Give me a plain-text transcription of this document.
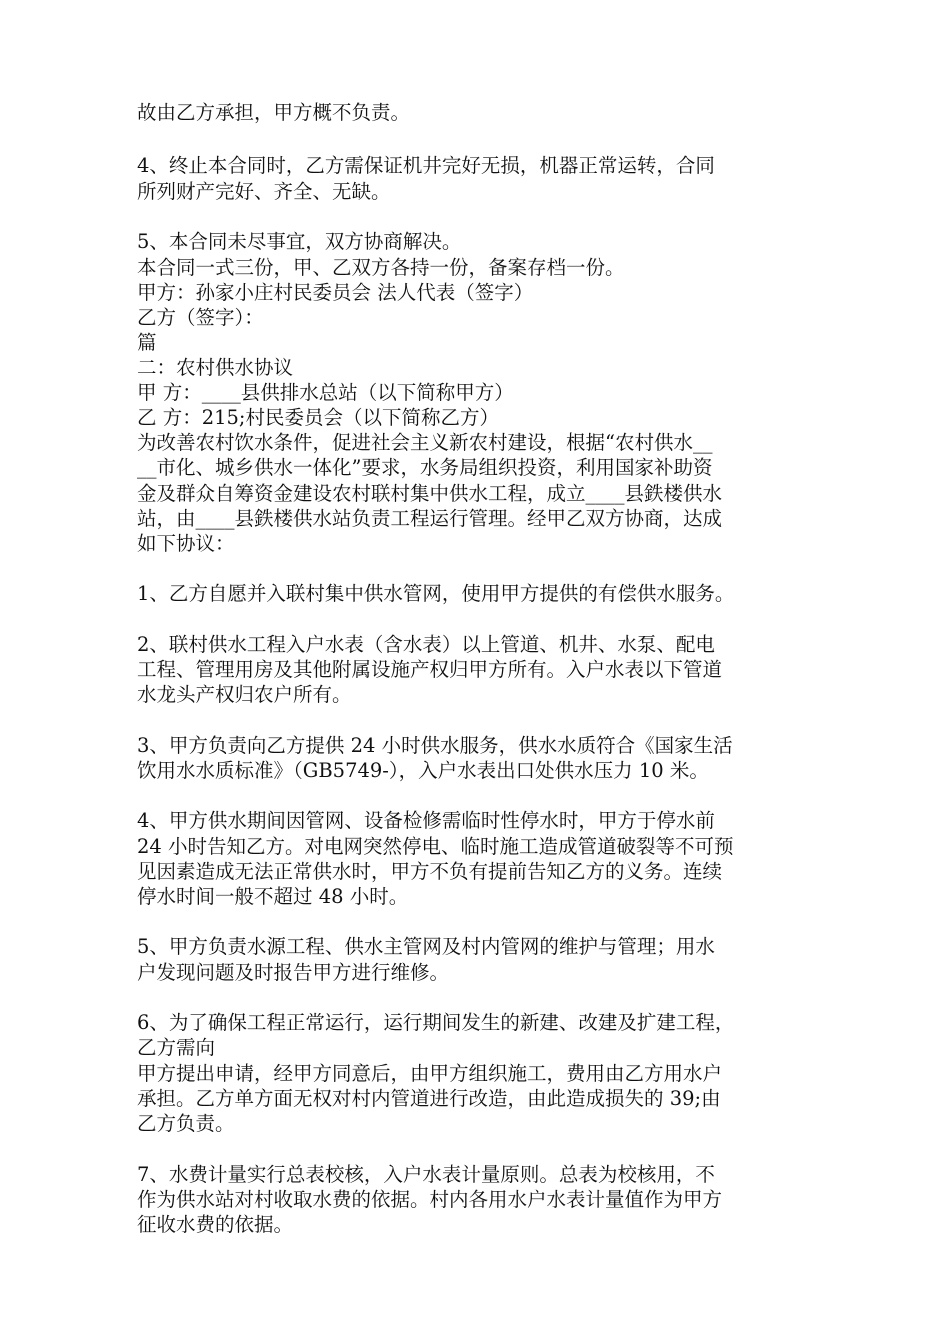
故由乙方承担，甲方概不负责。
4、终止本合同时，乙方需保证机井完好无损，机器正常运转，合同
所列财产完好、齐全、无缺。
5、本合同未尽事宜，双方协商解决。
本合同一式三份，甲、乙双方各持一份，备案存档一份。
甲方：孙家小庄村民委员会 法人代表（签字）
乙方（签字）：
篇
二：农村供水协议
甲 方：____县供排水总站（以下简称甲方）
乙 方：215;村民委员会（以下简称乙方）
为改善农村饮水条件，促进社会主义新农村建设，根据“农村供水__
__市化、城乡供水一体化”要求，水务局组织投资，利用国家补助资
金及群众自筹资金建设农村联村集中供水工程，成立____县鉄楼供水
站，由____县鉄楼供水站负责工程运行管理。经甲乙双方协商，达成
如下协议：
1、乙方自愿并入联村集中供水管网，使用甲方提供的有偿供水服务。
2、联村供水工程入户水表（含水表）以上管道、机井、水泵、配电
工程、管理用房及其他附属设施产权归甲方所有。入户水表以下管道
水龙头产权归农户所有。
3、甲方负责向乙方提供 24 小时供水服务，供水水质符合《国家生活
饮用水水质标准》（GB5749-），入户水表出口处供水压力 10 米。
4、甲方供水期间因管网、设备检修需临时性停水时，甲方于停水前
24 小时告知乙方。对电网突然停电、临时施工造成管道破裂等不可预
见因素造成无法正常供水时，甲方不负有提前告知乙方的义务。连续
停水时间一般不超过 48 小时。
5、甲方负责水源工程、供水主管网及村内管网的维护与管理；用水
户发现问题及时报告甲方进行维修。
6、为了确保工程正常运行，运行期间发生的新建、改建及扩建工程，
乙方需向
甲方提出申请，经甲方同意后，由甲方组织施工，费用由乙方用水户
承担。乙方单方面无权对村内管道进行改造，由此造成损失的 39;由
乙方负责。
7、水费计量实行总表校核，入户水表计量原则。总表为校核用，不
作为供水站对村收取水费的依据。村内各用水户水表计量值作为甲方
征收水费的依据。
